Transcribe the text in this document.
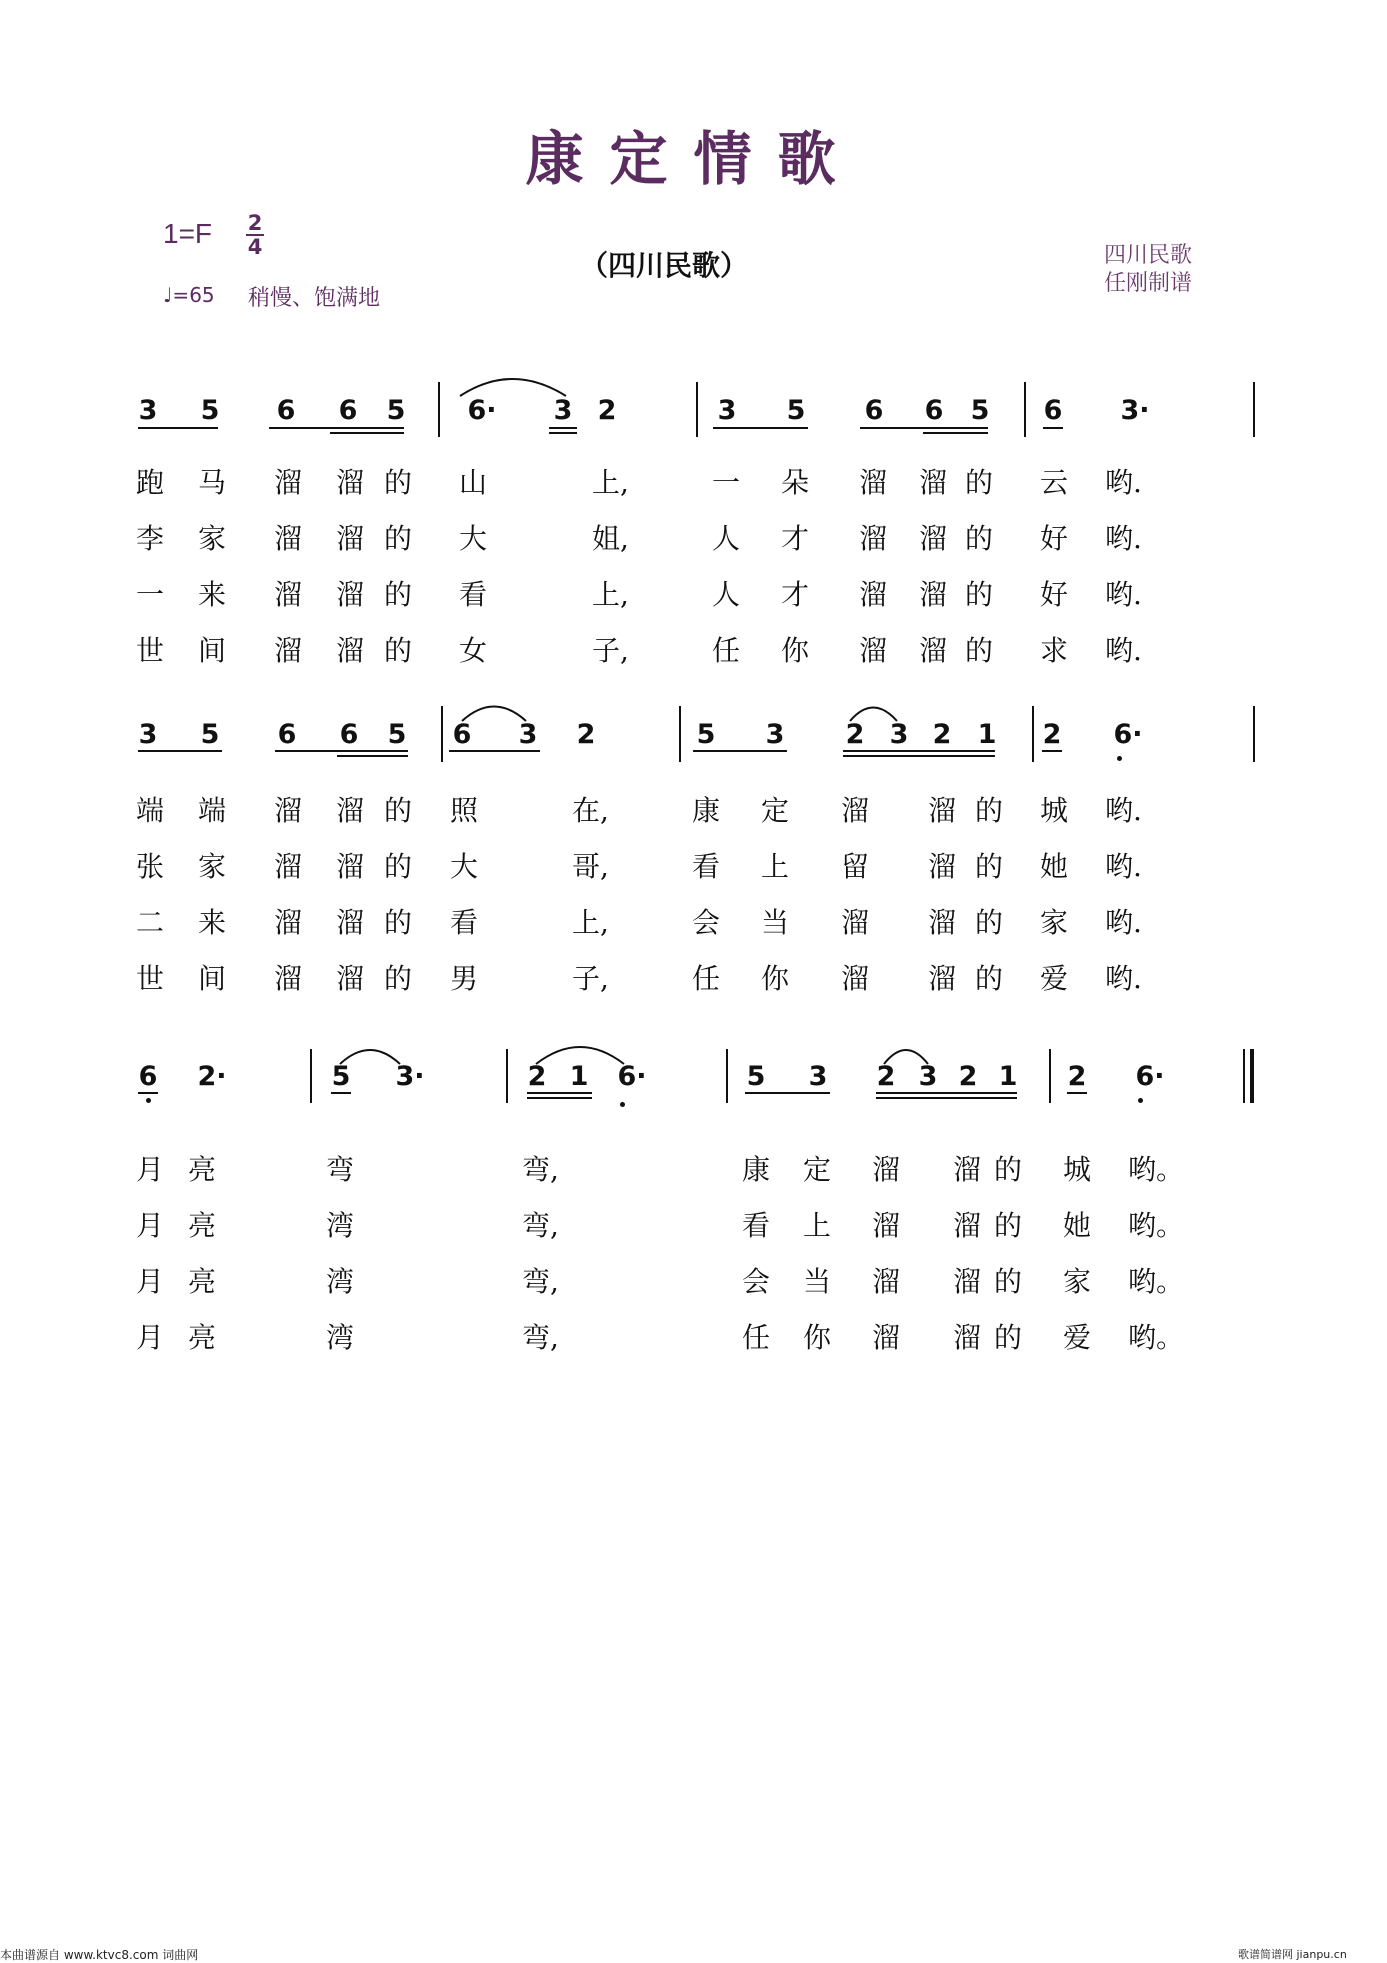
康定情歌
1=F 2
4
♩=65 稍慢、饱满地
（四川民歌）	四川民歌
任刚制谱
3 5 6 6 5 6· 3 2	3 5 6 6 5 6 3·
跑 马 溜 溜 的 山	上,	一 朵 溜 溜 的 云 哟.
李 家 溜 溜 的 大	姐,	人 才 溜 溜 的 好 哟.
一 来 溜 溜 的 看	上,	人 才 溜 溜 的 好 哟.
世 间 溜 溜 的 女	子,	任 你 溜 溜 的 求 哟.
3 5 6 6 5 6 3 2	5 3 2 3 2 1 2 6·
端 端 溜 溜 的 照	在,	康 定 溜 溜 的 城 哟.
张 家 溜 溜 的 大	哥,	看 上 留 溜 的 她 哟.
二 来 溜 溜 的 看	上,	会 当 溜 溜 的 家 哟.
世 间 溜 溜 的 男	子,	任 你 溜 溜 的 爱 哟.
6 2·	5 3·	2 1 6·	5 3 2 3 2 1 2 6·
月 亮	弯	弯,	康 定 溜 溜 的 城 哟。
月 亮	湾	弯,	看 上 溜 溜 的 她 哟。
月 亮	湾	弯,	会 当 溜 溜 的 家 哟。
月 亮	湾	弯,	任 你 溜 溜 的 爱 哟。
本曲谱源自 www.ktvc8.com 词曲网	歌谱简谱网 jianpu.cn
